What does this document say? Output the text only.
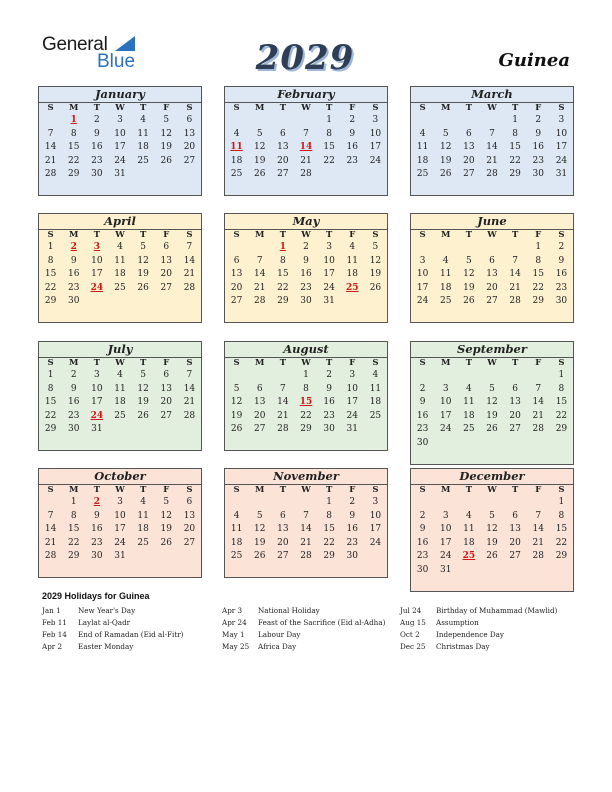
General
Blue	2029	Guinea
January
S	M	T	W	T	F	S
	1	2	3	4	5	6
7	8	9	10	11	12	13
14	15	16	17	18	19	20
21	22	23	24	25	26	27
28	29	30	31			
February
S	M	T	W	T	F	S
				1	2	3
4	5	6	7	8	9	10
11	12	13	14	15	16	17
18	19	20	21	22	23	24
25	26	27	28			
March
S	M	T	W	T	F	S
				1	2	3
4	5	6	7	8	9	10
11	12	13	14	15	16	17
18	19	20	21	22	23	24
25	26	27	28	29	30	31
April
S	M	T	W	T	F	S
1	2	3	4	5	6	7
8	9	10	11	12	13	14
15	16	17	18	19	20	21
22	23	24	25	26	27	28
29	30					
May
S	M	T	W	T	F	S
		1	2	3	4	5
6	7	8	9	10	11	12
13	14	15	16	17	18	19
20	21	22	23	24	25	26
27	28	29	30	31		
June
S	M	T	W	T	F	S
					1	2
3	4	5	6	7	8	9
10	11	12	13	14	15	16
17	18	19	20	21	22	23
24	25	26	27	28	29	30
July
S	M	T	W	T	F	S
1	2	3	4	5	6	7
8	9	10	11	12	13	14
15	16	17	18	19	20	21
22	23	24	25	26	27	28
29	30	31				
August
S	M	T	W	T	F	S
			1	2	3	4
5	6	7	8	9	10	11
12	13	14	15	16	17	18
19	20	21	22	23	24	25
26	27	28	29	30	31	
September
S	M	T	W	T	F	S
						1
2	3	4	5	6	7	8
9	10	11	12	13	14	15
16	17	18	19	20	21	22
23	24	25	26	27	28	29
30						
October
S	M	T	W	T	F	S
	1	2	3	4	5	6
7	8	9	10	11	12	13
14	15	16	17	18	19	20
21	22	23	24	25	26	27
28	29	30	31			
November
S	M	T	W	T	F	S
				1	2	3
4	5	6	7	8	9	10
11	12	13	14	15	16	17
18	19	20	21	22	23	24
25	26	27	28	29	30	
December
S	M	T	W	T	F	S
						1
2	3	4	5	6	7	8
9	10	11	12	13	14	15
16	17	18	19	20	21	22
23	24	25	26	27	28	29
30	31					
2029 Holidays for Guinea
Jan 1 New Year's Day
Feb 11 Laylat al-Qadr
Feb 14 End of Ramadan (Eid al-Fitr)
Apr 2 Easter Monday
Apr 3 National Holiday
Apr 24 Feast of the Sacrifice (Eid al-Adha)
May 1 Labour Day
May 25 Africa Day
Jul 24 Birthday of Muhammad (Mawlid)
Aug 15 Assumption
Oct 2 Independence Day
Dec 25 Christmas Day
